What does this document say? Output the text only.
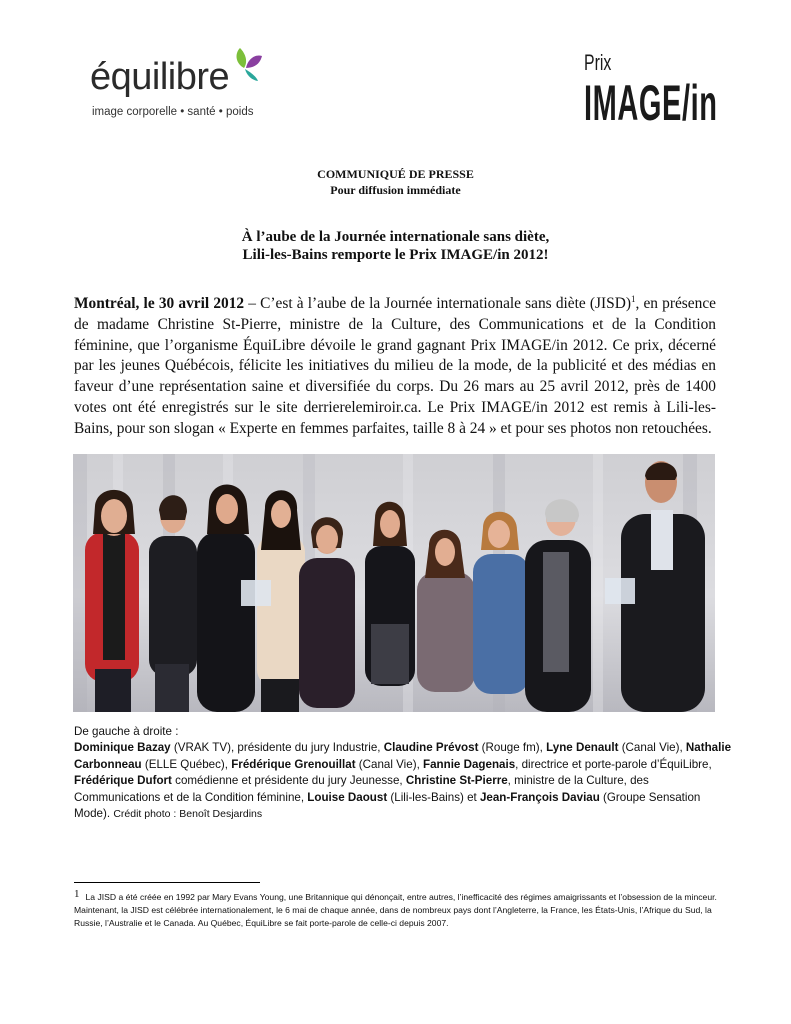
équilibre
image corporelle • santé • poids
Prix
IMAGE/in
COMMUNIQUÉ DE PRESSE
Pour diffusion immédiate
À l’aube de la Journée internationale sans diète,
Lili-les-Bains remporte le Prix IMAGE/in 2012!
Montréal, le 30 avril 2012 – C’est à l’aube de la Journée internationale sans diète (JISD)$^1$, en présence de madame Christine St-Pierre, ministre de la Culture, des Communications et de la Condition féminine, que l’organisme ÉquiLibre dévoile le grand gagnant Prix IMAGE/in 2012. Ce prix, décerné par les jeunes Québécois, félicite les initiatives du milieu de la mode, de la publicité et des médias en faveur d’une représentation saine et diversifiée du corps. Du 26 mars au 25 avril 2012, près de 1400 votes ont été enregistrés sur le site derrierelemiroir.ca. Le Prix IMAGE/in 2012 est remis à Lili-les-Bains, pour son slogan « Experte en femmes parfaites, taille 8 à 24 » et pour ses photos non retouchées.
De gauche à droite :
Dominique Bazay (VRAK TV), présidente du jury Industrie, Claudine Prévost (Rouge fm), Lyne Denault (Canal Vie), Nathalie Carbonneau (ELLE Québec), Frédérique Grenouillat (Canal Vie), Fannie Dagenais, directrice et porte-parole d’ÉquiLibre, Frédérique Dufort comédienne et présidente du jury Jeunesse, Christine St-Pierre, ministre de la Culture, des Communications et de la Condition féminine, Louise Daoust (Lili-les-Bains) et Jean-François Daviau (Groupe Sensation Mode). Crédit photo : Benoît Desjardins
1 La JISD a été créée en 1992 par Mary Evans Young, une Britannique qui dénonçait, entre autres, l’inefficacité des régimes amaigrissants et l’obsession de la minceur. Maintenant, la JISD est célébrée internationalement, le 6 mai de chaque année, dans de nombreux pays dont l’Angleterre, la France, les États-Unis, l’Afrique du Sud, la Russie, l’Australie et le Canada. Au Québec, ÉquiLibre se fait porte-parole de celle-ci depuis 2007.
